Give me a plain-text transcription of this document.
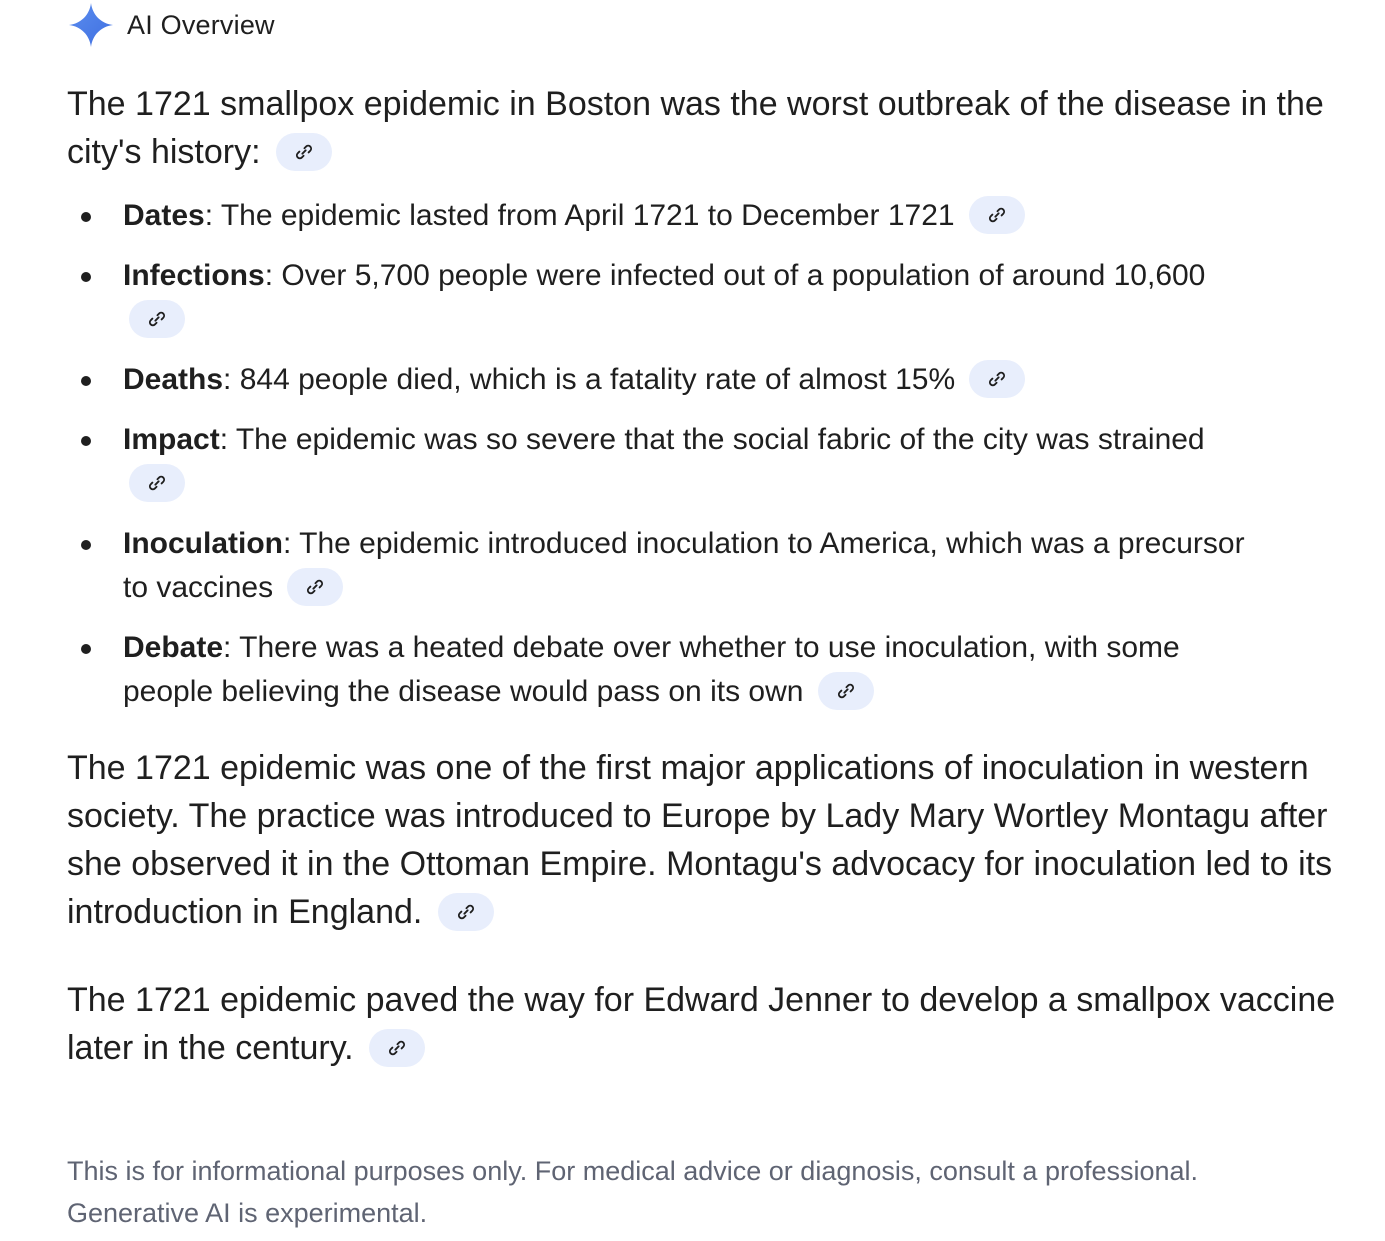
AI Overview

The 1721 smallpox epidemic in Boston was the worst outbreak of the disease in the city's history:

Dates: The epidemic lasted from April 1721 to December 1721
Infections: Over 5,700 people were infected out of a population of around 10,600
Deaths: 844 people died, which is a fatality rate of almost 15%
Impact: The epidemic was so severe that the social fabric of the city was strained
Inoculation: The epidemic introduced inoculation to America, which was a precursor to vaccines
Debate: There was a heated debate over whether to use inoculation, with some people believing the disease would pass on its own

The 1721 epidemic was one of the first major applications of inoculation in western society. The practice was introduced to Europe by Lady Mary Wortley Montagu after she observed it in the Ottoman Empire. Montagu's advocacy for inoculation led to its introduction in England.

The 1721 epidemic paved the way for Edward Jenner to develop a smallpox vaccine later in the century.

This is for informational purposes only. For medical advice or diagnosis, consult a professional. Generative AI is experimental.
